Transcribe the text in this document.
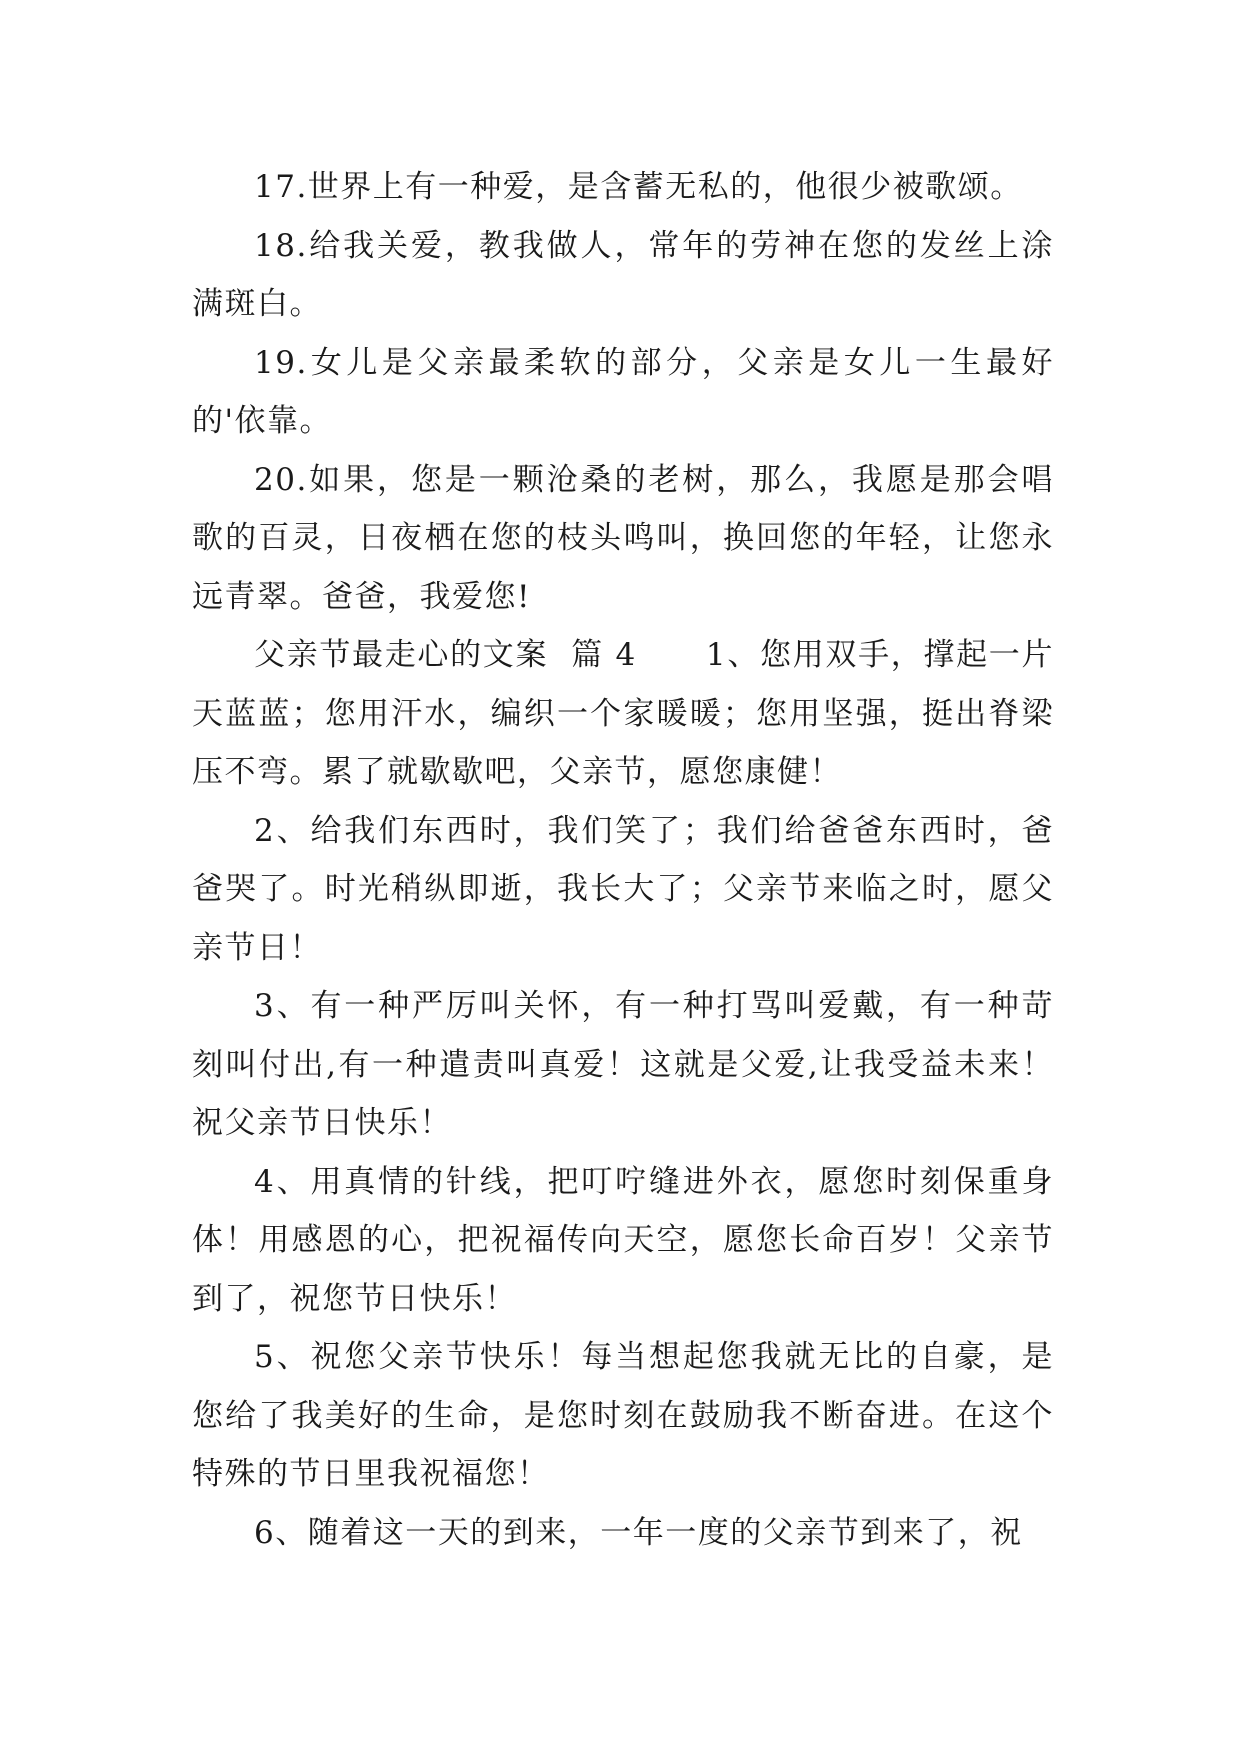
17.世界上有一种爱，是含蓄无私的，他很少被歌颂。

18.给我关爱，教我做人，常年的劳神在您的发丝上涂满斑白。

19.女儿是父亲最柔软的部分，父亲是女儿一生最好的'依靠。

20.如果，您是一颗沧桑的老树，那么，我愿是那会唱歌的百灵，日夜栖在您的枝头鸣叫，换回您的年轻，让您永远青翠。爸爸，我爱您!

父亲节最走心的文案  篇 4      1、您用双手，撑起一片天蓝蓝；您用汗水，编织一个家暖暖；您用坚强，挺出脊梁压不弯。累了就歇歇吧，父亲节，愿您康健！

2、给我们东西时，我们笑了；我们给爸爸东西时，爸爸哭了。时光稍纵即逝，我长大了；父亲节来临之时，愿父亲节日！

3、有一种严厉叫关怀，有一种打骂叫爱戴，有一种苛刻叫付出,有一种遣责叫真爱！这就是父爱,让我受益未来！祝父亲节日快乐！

4、用真情的针线，把叮咛缝进外衣，愿您时刻保重身体！用感恩的心，把祝福传向天空，愿您长命百岁！父亲节到了，祝您节日快乐！

5、祝您父亲节快乐！每当想起您我就无比的自豪，是您给了我美好的生命，是您时刻在鼓励我不断奋进。在这个特殊的节日里我祝福您！

6、随着这一天的到来，一年一度的父亲节到来了，祝
